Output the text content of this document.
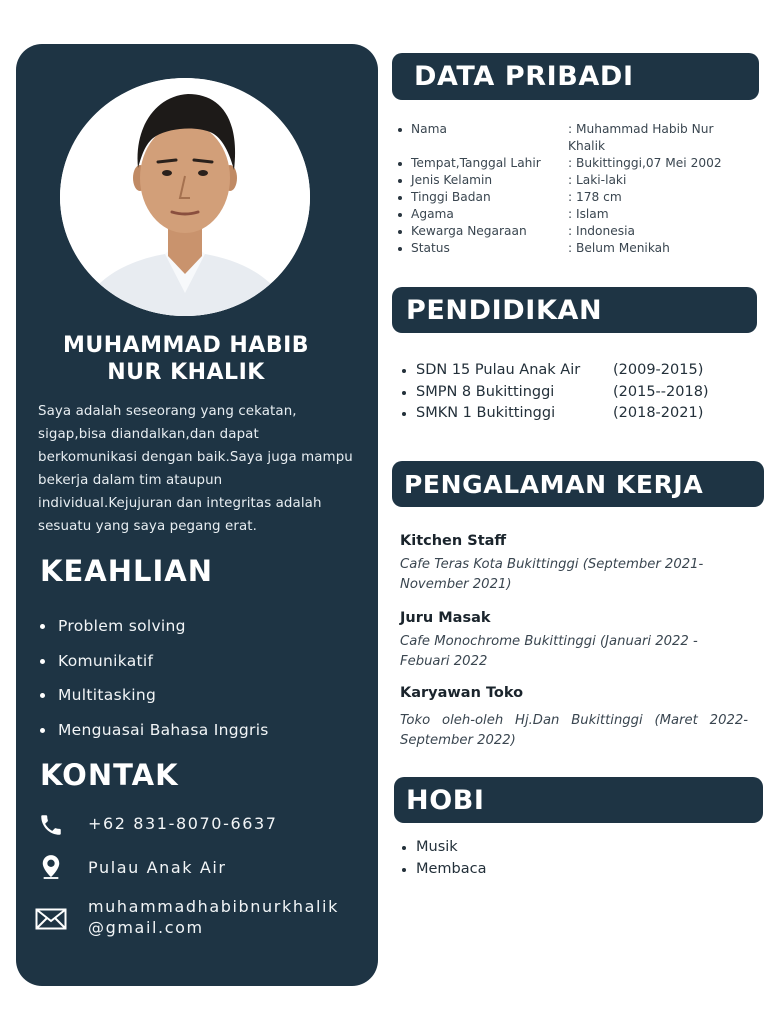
MUHAMMAD HABIB
NUR KHALIK
Saya adalah seseorang yang cekatan, sigap,bisa diandalkan,dan dapat berkomunikasi dengan baik.Saya juga mampu bekerja dalam tim ataupun individual.Kejujuran dan integritas adalah sesuatu yang saya pegang erat.
KEAHLIAN
Problem solving
Komunikatif
Multitasking
Menguasai Bahasa Inggris
KONTAK
+62 831-8070-6637
Pulau Anak Air
muhammadhabibnurkhalik
@gmail.com
DATA PRIBADI
Nama	: Muhammad Habib Nur Khalik
Tempat,Tanggal Lahir	: Bukittinggi,07 Mei 2002
Jenis Kelamin	: Laki-laki
Tinggi Badan	: 178 cm
Agama	: Islam
Kewarga Negaraan	: Indonesia
Status	: Belum Menikah
PENDIDIKAN
SDN 15 Pulau Anak Air	(2009-2015)
SMPN 8 Bukittinggi	(2015--2018)
SMKN 1 Bukittinggi	(2018-2021)
PENGALAMAN KERJA
Kitchen Staff
Cafe Teras Kota Bukittinggi (September 2021- November 2021)
Juru Masak
Cafe Monochrome Bukittinggi (Januari 2022 - Febuari 2022
Karyawan Toko
Toko oleh-oleh Hj.Dan Bukittinggi (Maret 2022- September 2022)
HOBI
Musik
Membaca
